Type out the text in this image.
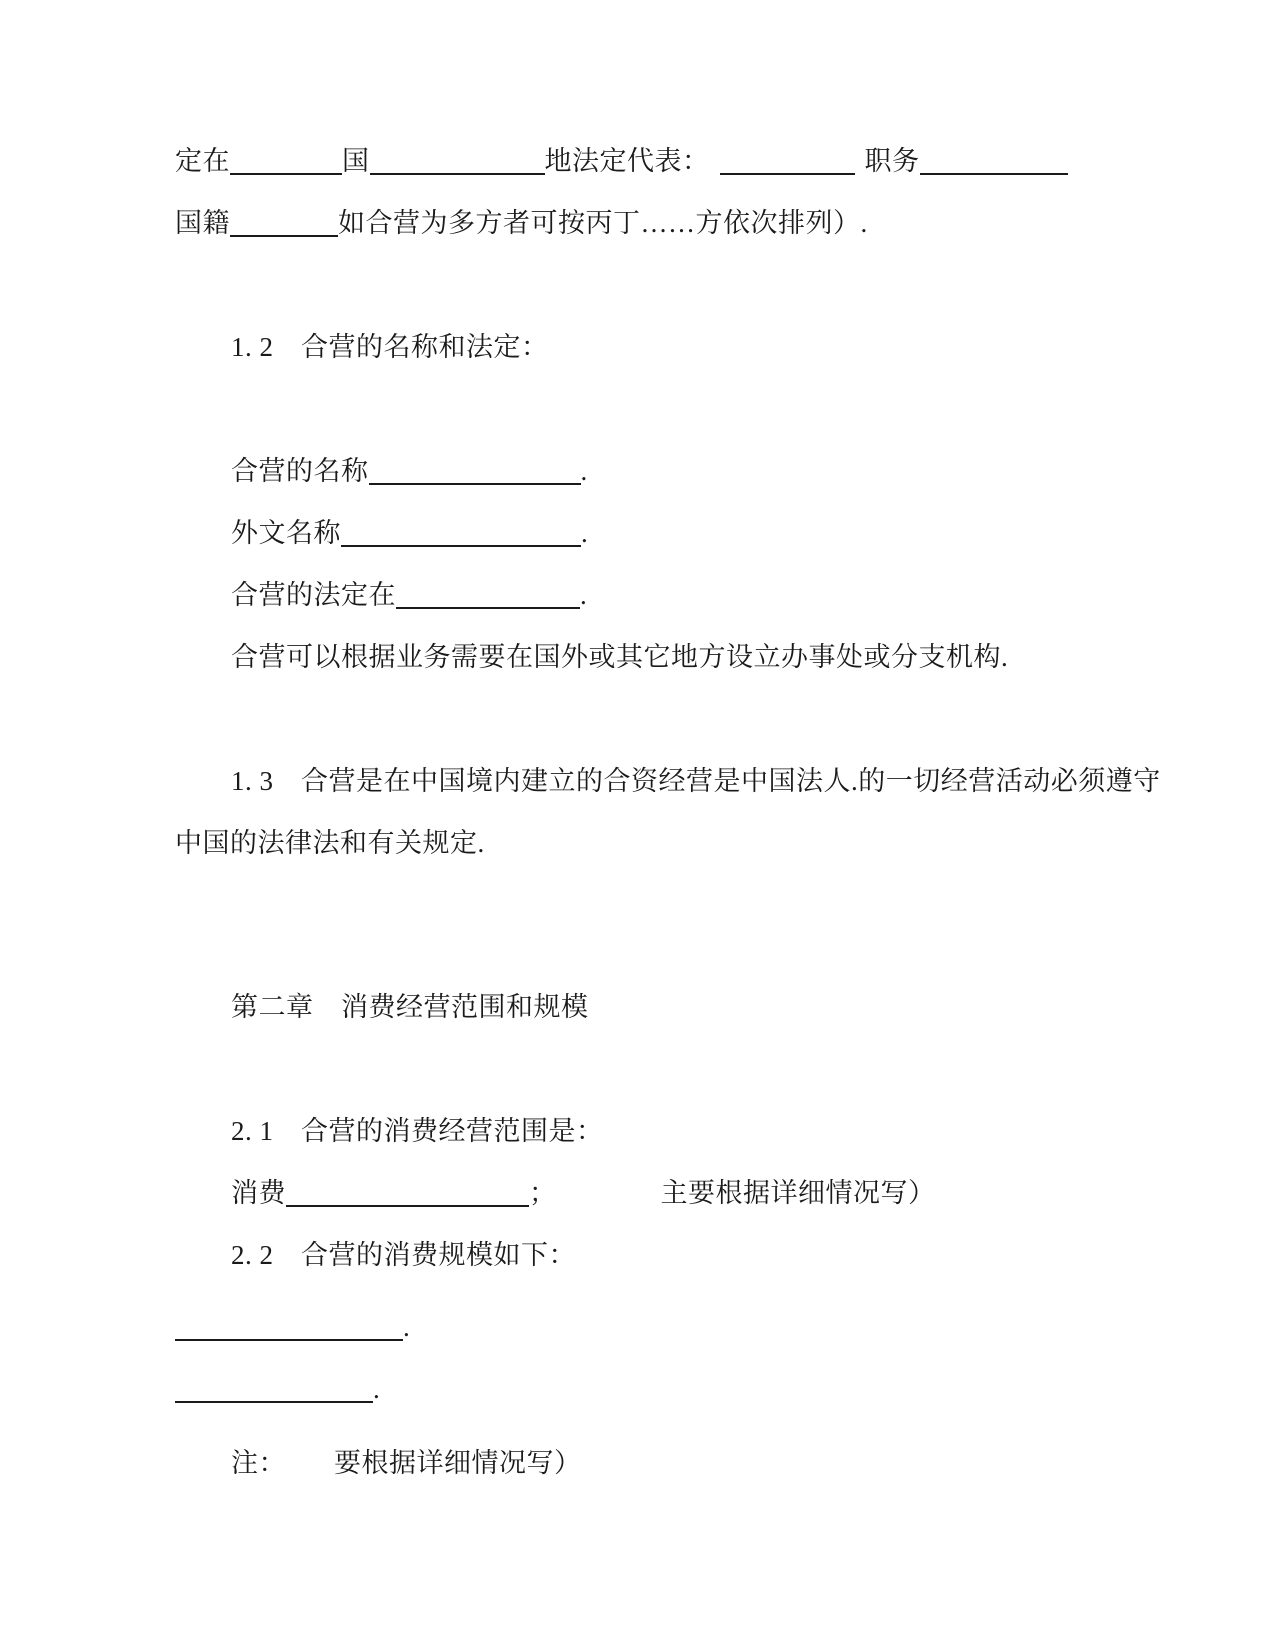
定在	国	地法定代表：	职务

国籍	如合营为多方者可按丙丁……方依次排列）.

1. 2　合营的名称和法定：

合营的名称	.

外文名称	.

合营的法定在	.

合营可以根据业务需要在国外或其它地方设立办事处或分支机构.

1. 3　合营是在中国境内建立的合资经营是中国法人.的一切经营活动必须遵守

中国的法律法和有关规定.

第二章　消费经营范围和规模

2. 1　合营的消费经营范围是：

消费	；	主要根据详细情况写）

2. 2　合营的消费规模如下：

.

.

注： 要根据详细情况写）
